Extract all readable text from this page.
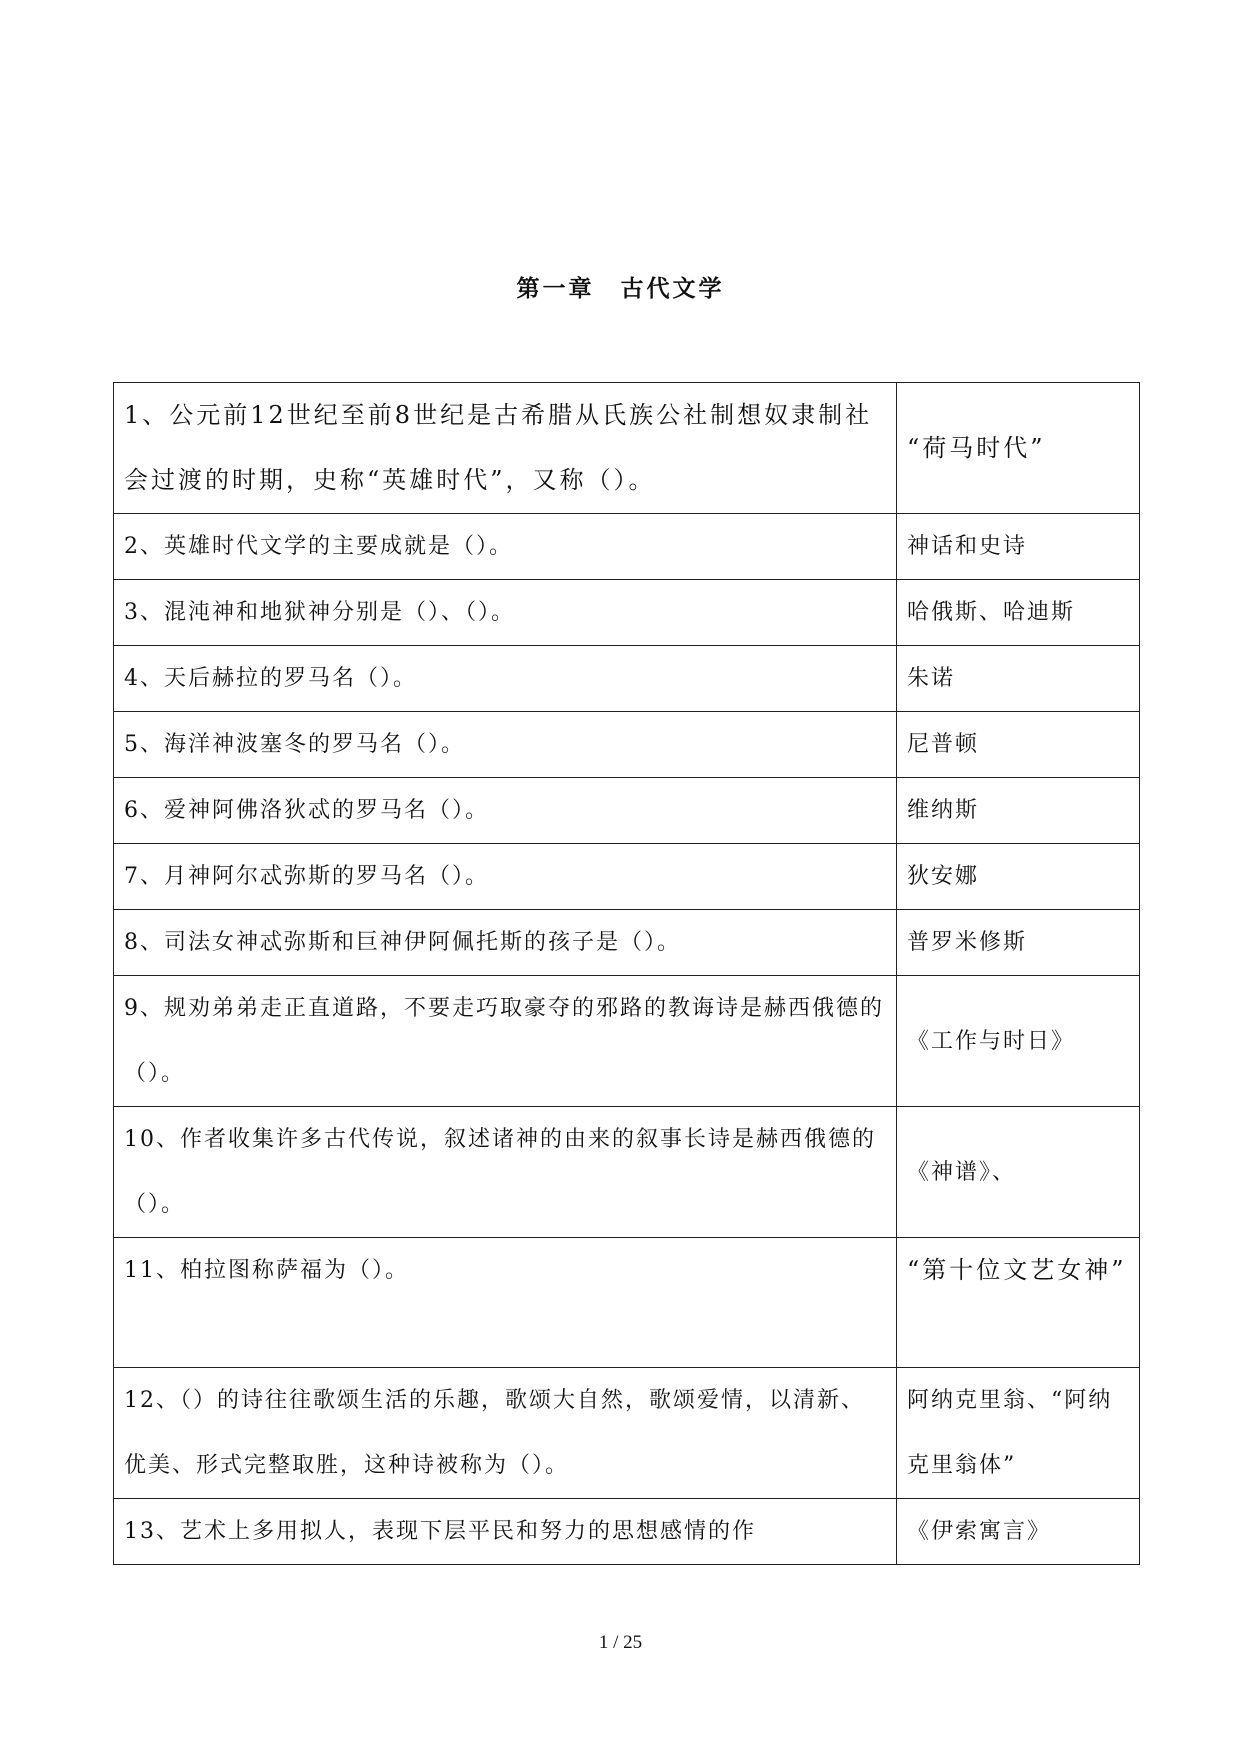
第一章　古代文学
1、公元前12世纪至前8世纪是古希腊从氏族公社制想奴隶制社会过渡的时期，史称“英雄时代”，又称（）。	“荷马时代”
2、英雄时代文学的主要成就是（）。	神话和史诗
3、混沌神和地狱神分别是（）、（）。	哈俄斯、哈迪斯
4、天后赫拉的罗马名（）。	朱诺
5、海洋神波塞冬的罗马名（）。	尼普顿
6、爱神阿佛洛狄忒的罗马名（）。	维纳斯
7、月神阿尔忒弥斯的罗马名（）。	狄安娜
8、司法女神忒弥斯和巨神伊阿佩托斯的孩子是（）。	普罗米修斯
9、规劝弟弟走正直道路，不要走巧取豪夺的邪路的教诲诗是赫西俄德的（）。	《工作与时日》
10、作者收集许多古代传说，叙述诸神的由来的叙事长诗是赫西俄德的（）。	《神谱》、
11、柏拉图称萨福为（）。	“第十位文艺女神”
12、（）的诗往往歌颂生活的乐趣，歌颂大自然，歌颂爱情，以清新、优美、形式完整取胜，这种诗被称为（）。	阿纳克里翁、“阿纳克里翁体”
13、艺术上多用拟人，表现下层平民和努力的思想感情的作	《伊索寓言》
1 / 25
